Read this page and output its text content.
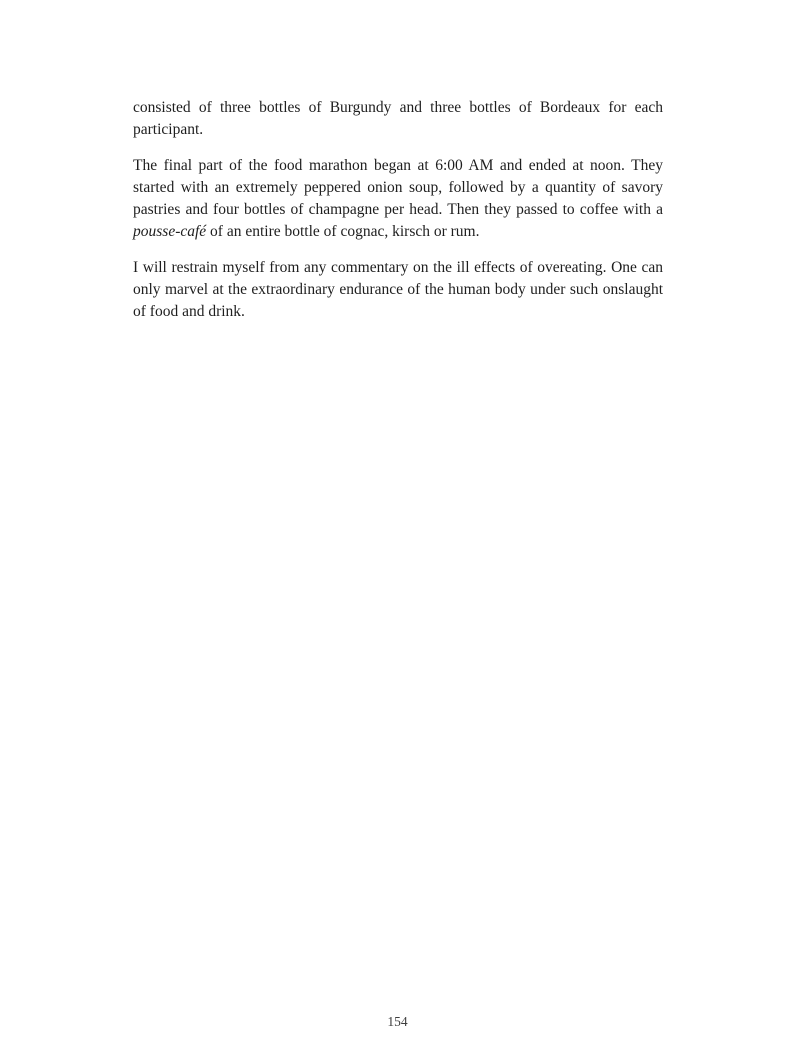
consisted of three bottles of Burgundy and three bottles of Bordeaux for each participant.

The final part of the food marathon began at 6:00 AM and ended at noon. They started with an extremely peppered onion soup, followed by a quantity of savory pastries and four bottles of champagne per head. Then they passed to coffee with a pousse-café of an entire bottle of cognac, kirsch or rum.

I will restrain myself from any commentary on the ill effects of overeating. One can only marvel at the extraordinary endurance of the human body under such onslaught of food and drink.

154
